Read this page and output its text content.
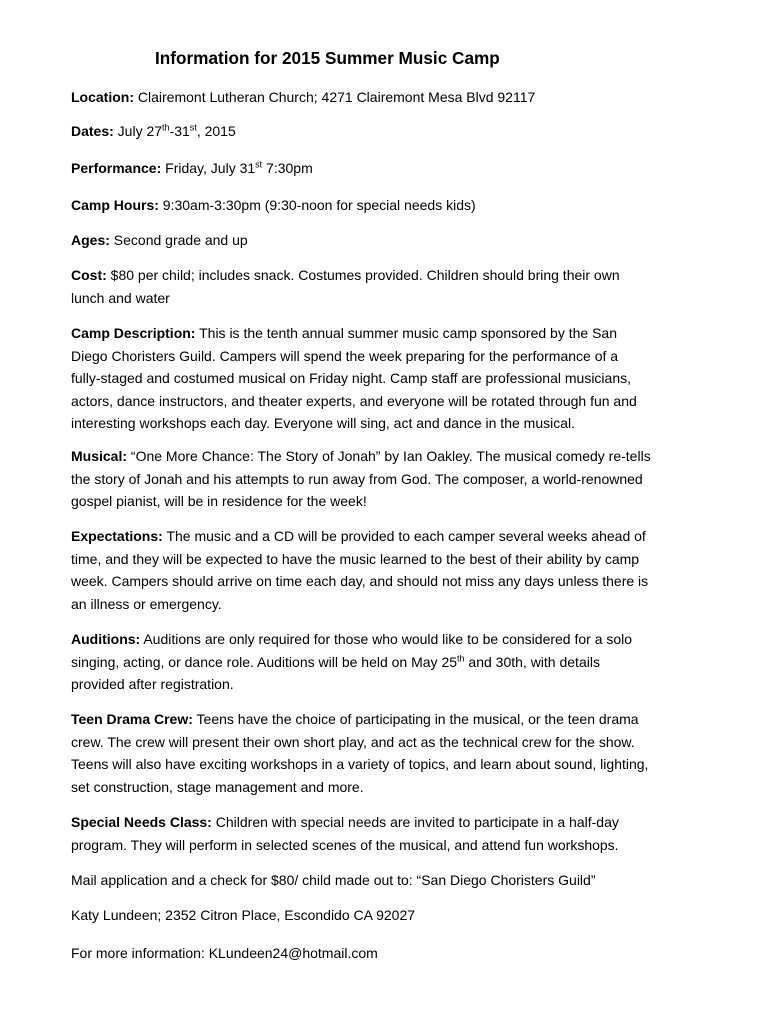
Information for 2015 Summer Music Camp

Location: Clairemont Lutheran Church; 4271 Clairemont Mesa Blvd 92117

Dates: July 27th-31st, 2015

Performance: Friday, July 31st 7:30pm

Camp Hours: 9:30am-3:30pm (9:30-noon for special needs kids)

Ages: Second grade and up

Cost: $80 per child; includes snack. Costumes provided. Children should bring their own lunch and water

Camp Description: This is the tenth annual summer music camp sponsored by the San Diego Choristers Guild. Campers will spend the week preparing for the performance of a fully-staged and costumed musical on Friday night. Camp staff are professional musicians, actors, dance instructors, and theater experts, and everyone will be rotated through fun and interesting workshops each day. Everyone will sing, act and dance in the musical.

Musical: “One More Chance: The Story of Jonah” by Ian Oakley. The musical comedy re-tells the story of Jonah and his attempts to run away from God. The composer, a world-renowned gospel pianist, will be in residence for the week!

Expectations: The music and a CD will be provided to each camper several weeks ahead of time, and they will be expected to have the music learned to the best of their ability by camp week. Campers should arrive on time each day, and should not miss any days unless there is an illness or emergency.

Auditions: Auditions are only required for those who would like to be considered for a solo singing, acting, or dance role. Auditions will be held on May 25th and 30th, with details provided after registration.

Teen Drama Crew: Teens have the choice of participating in the musical, or the teen drama crew. The crew will present their own short play, and act as the technical crew for the show. Teens will also have exciting workshops in a variety of topics, and learn about sound, lighting, set construction, stage management and more.

Special Needs Class: Children with special needs are invited to participate in a half-day program. They will perform in selected scenes of the musical, and attend fun workshops.

Mail application and a check for $80/ child made out to: “San Diego Choristers Guild”

Katy Lundeen; 2352 Citron Place, Escondido CA 92027

For more information: KLundeen24@hotmail.com
